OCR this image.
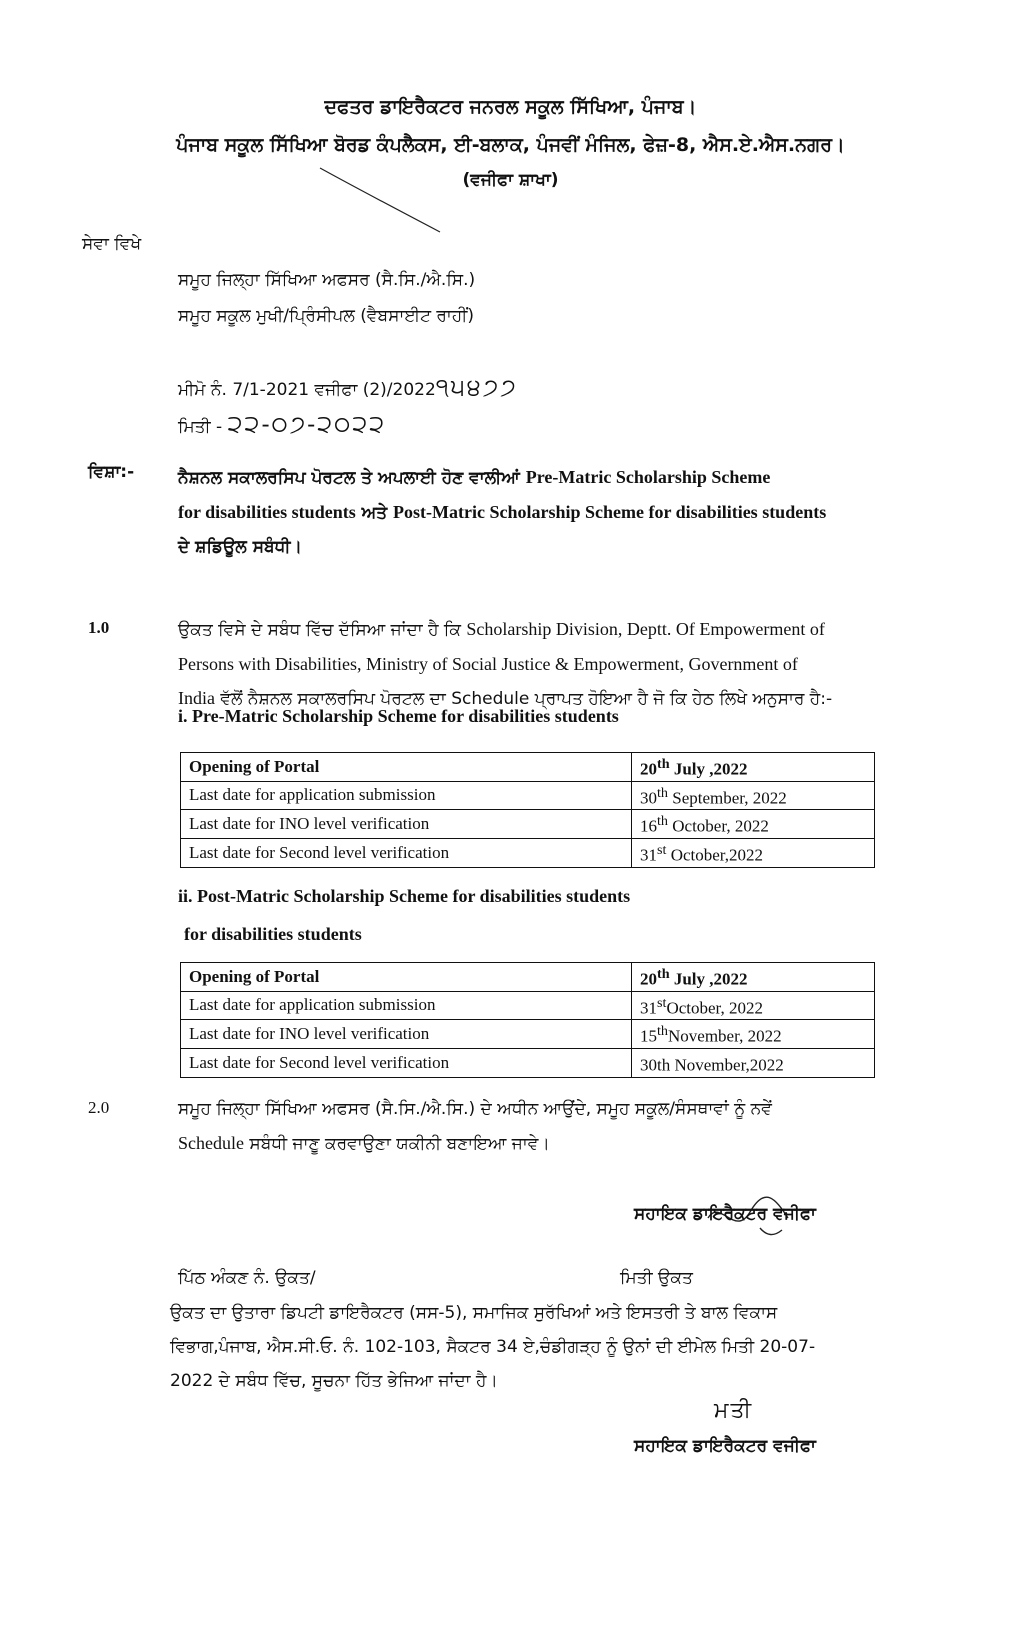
ਦਫਤਰ ਡਾਇਰੈਕਟਰ ਜਨਰਲ ਸਕੂਲ ਸਿੱਖਿਆ, ਪੰਜਾਬ।
ਪੰਜਾਬ ਸਕੂਲ ਸਿੱਖਿਆ ਬੋਰਡ ਕੰਪਲੈਕਸ, ਈ-ਬਲਾਕ, ਪੰਜਵੀਂ ਮੰਜਿਲ, ਫੇਜ਼-8, ਐਸ.ਏ.ਐਸ.ਨਗਰ।
(ਵਜੀਫਾ ਸ਼ਾਖਾ)
ਸੇਵਾ ਵਿਖੇ
ਸਮੂਹ ਜਿਲ੍ਹਾ ਸਿੱਖਿਆ ਅਫਸਰ (ਸੈ.ਸਿ./ਐ.ਸਿ.)
ਸਮੂਹ ਸਕੂਲ ਮੁਖੀ/ਪ੍ਰਿੰਸੀਪਲ (ਵੈਬਸਾਈਟ ਰਾਹੀਂ)
ਮੀਮੋ ਨੰ. 7/1-2021 ਵਜੀਫਾ (2)/2022੧੫੪੭੭
ਮਿਤੀ - ੨੨-੦੭-੨੦੨੨
ਵਿਸ਼ਾ:-	ਨੈਸ਼ਨਲ ਸਕਾਲਰਸਿਪ ਪੋਰਟਲ ਤੇ ਅਪਲਾਈ ਹੋਣ ਵਾਲੀਆਂ Pre-Matric Scholarship Scheme
for disabilities students ਅਤੇ Post-Matric Scholarship Scheme for disabilities students
ਦੇ ਸ਼ਡਿਊਲ ਸਬੰਧੀ।
1.0	ਉਕਤ ਵਿਸੇ ਦੇ ਸਬੰਧ ਵਿੱਚ ਦੱਸਿਆ ਜਾਂਦਾ ਹੈ ਕਿ Scholarship Division, Deptt. Of Empowerment of
Persons with Disabilities, Ministry of Social Justice & Empowerment, Government of
India ਵੱਲੋਂ ਨੈਸ਼ਨਲ ਸਕਾਲਰਸਿਪ ਪੋਰਟਲ ਦਾ Schedule ਪ੍ਰਾਪਤ ਹੋਇਆ ਹੈ ਜੋ ਕਿ ਹੇਠ ਲਿਖੇ ਅਨੁਸਾਰ ਹੈ:-
i. Pre-Matric Scholarship Scheme for disabilities students
Opening of Portal	20th July ,2022
Last date for application submission	30th September, 2022
Last date for INO level verification	16th October, 2022
Last date for Second level verification	31st October,2022
ii. Post-Matric Scholarship Scheme for disabilities students
for disabilities students
Opening of Portal	20th July ,2022
Last date for application submission	31stOctober, 2022
Last date for INO level verification	15thNovember, 2022
Last date for Second level verification	30th November,2022
2.0	ਸਮੂਹ ਜਿਲ੍ਹਾ ਸਿੱਖਿਆ ਅਫਸਰ (ਸੈ.ਸਿ./ਐ.ਸਿ.) ਦੇ ਅਧੀਨ ਆਉਂਦੇ, ਸਮੂਹ ਸਕੂਲ/ਸੰਸਥਾਵਾਂ ਨੂੰ ਨਵੇਂ
Schedule ਸਬੰਧੀ ਜਾਣੂ ਕਰਵਾਉਣਾ ਯਕੀਨੀ ਬਣਾਇਆ ਜਾਵੇ।
ਸਹਾਇਕ ਡਾਇਰੈਕਟਰ ਵਜੀਫਾ
ਪਿੱਠ ਅੰਕਣ ਨੰ. ਉਕਤ/	ਮਿਤੀ ਉਕਤ
ਉਕਤ ਦਾ ਉਤਾਰਾ ਡਿਪਟੀ ਡਾਇਰੈਕਟਰ (ਸਸ-5), ਸਮਾਜਿਕ ਸੁਰੱਖਿਆਂ ਅਤੇ ਇਸਤਰੀ ਤੇ ਬਾਲ ਵਿਕਾਸ
ਵਿਭਾਗ,ਪੰਜਾਬ, ਐਸ.ਸੀ.ਓ. ਨੰ. 102-103, ਸੈਕਟਰ 34 ਏ,ਚੰਡੀਗੜ੍ਹ ਨੂੰ ਉਨਾਂ ਦੀ ਈਮੇਲ ਮਿਤੀ 20-07-
2022 ਦੇ ਸਬੰਧ ਵਿੱਚ, ਸੂਚਨਾ ਹਿੱਤ ਭੇਜਿਆ ਜਾਂਦਾ ਹੈ।
ਮਤੀ
ਸਹਾਇਕ ਡਾਇਰੈਕਟਰ ਵਜੀਫਾ
